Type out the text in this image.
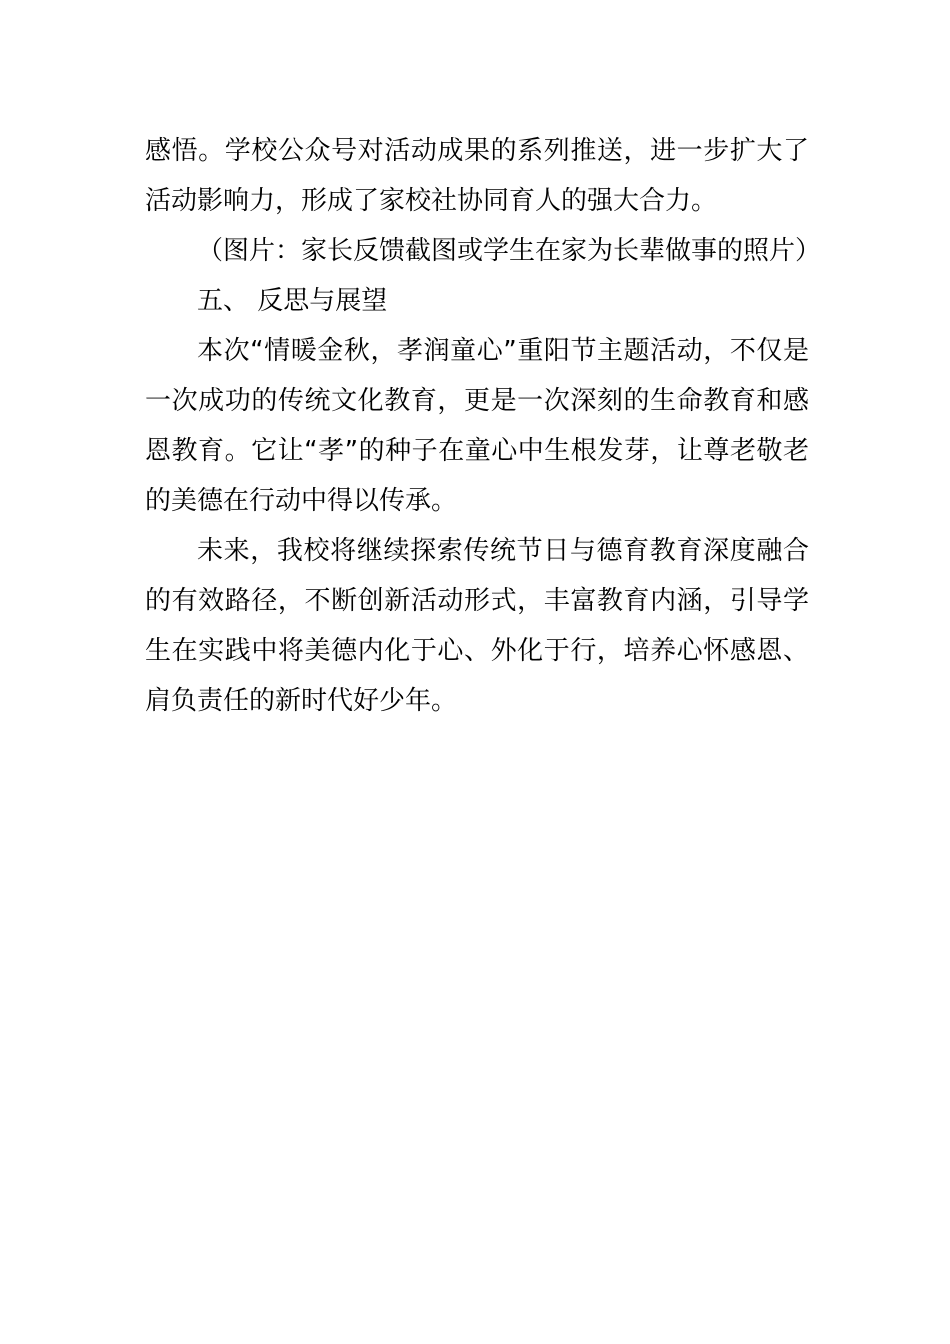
感悟。学校公众号对活动成果的系列推送，进一步扩大了活动影响力，形成了家校社协同育人的强大合力。

（图片：家长反馈截图或学生在家为长辈做事的照片）

五、 反思与展望

本次“情暖金秋，孝润童心”重阳节主题活动，不仅是一次成功的传统文化教育，更是一次深刻的生命教育和感恩教育。它让“孝”的种子在童心中生根发芽，让尊老敬老的美德在行动中得以传承。

未来，我校将继续探索传统节日与德育教育深度融合的有效路径，不断创新活动形式，丰富教育内涵，引导学生在实践中将美德内化于心、外化于行，培养心怀感恩、肩负责任的新时代好少年。
